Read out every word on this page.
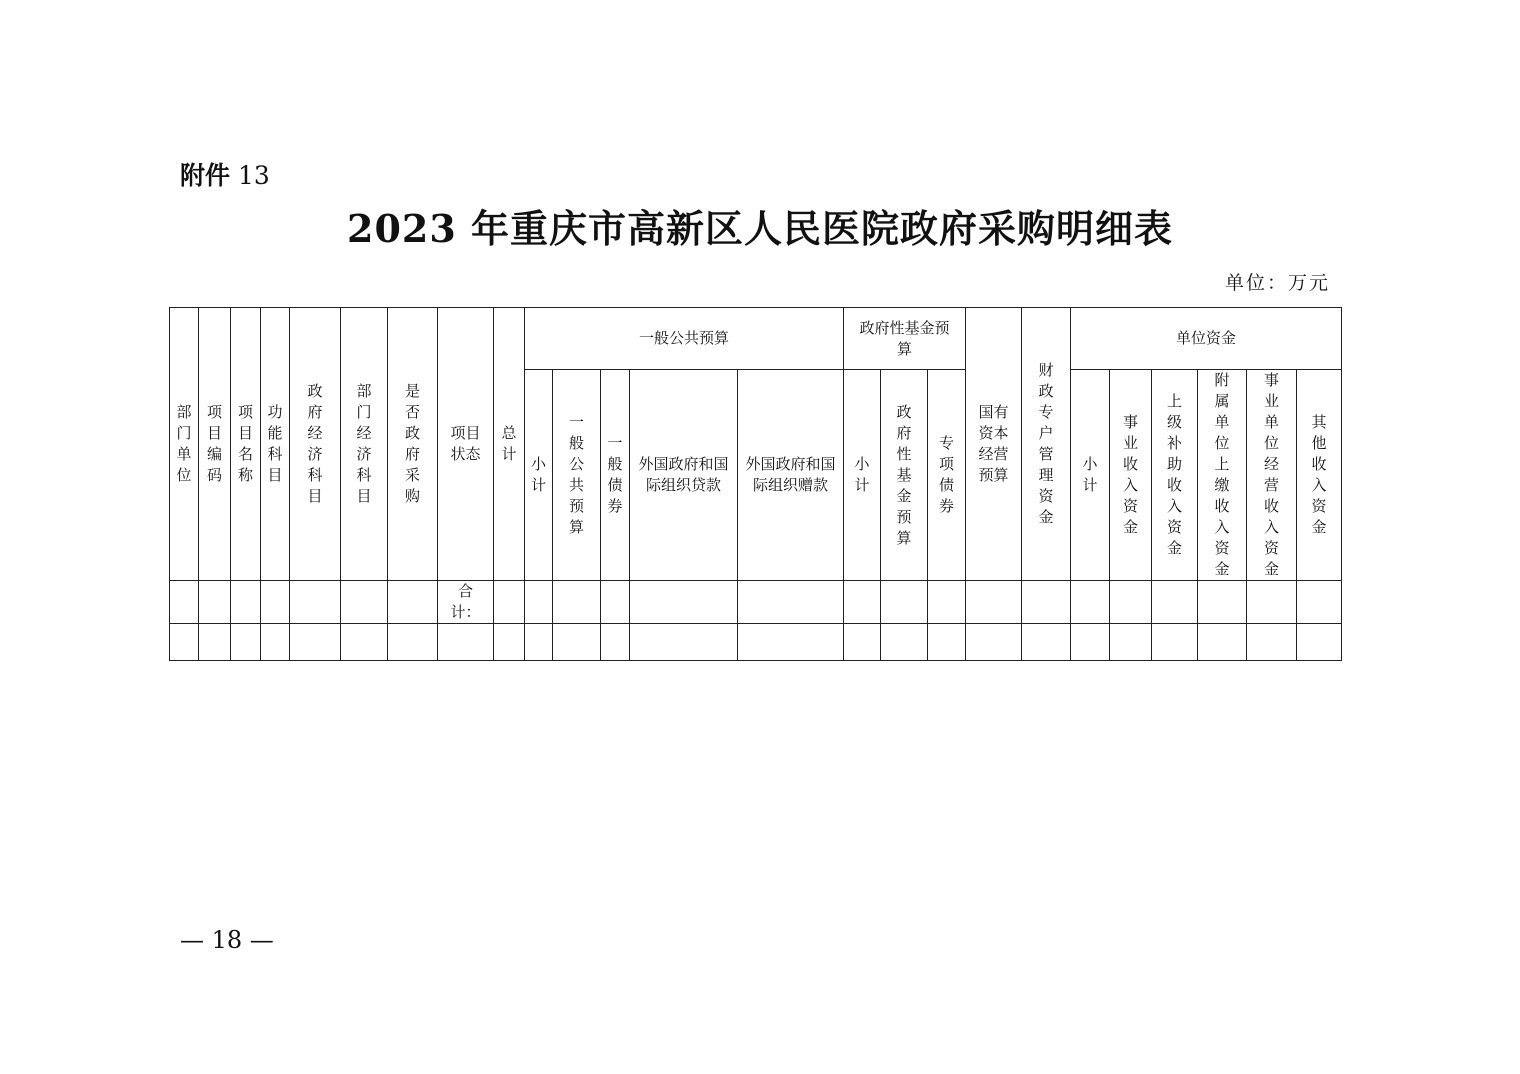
附件 13
2023 年重庆市高新区人民医院政府采购明细表
单位：万元
部门单位	项目编码	项目名称	功能科目	政府经济科目	部门经济科目	是否政府采购	项目状态	总计	一般公共预算					政府性基金预算			国有资本经营预算	财政专户管理资金	单位资金					
									小计	一般公共预算	一般债券	外国政府和国际组织贷款	外国政府和国际组织赠款	小计	政府性基金预算	专项债券			小计	事业收入资金	上级补助收入资金	附属单位上缴收入资金	事业单位经营收入资金	其他收入资金
							合计：																	

— 18 —
